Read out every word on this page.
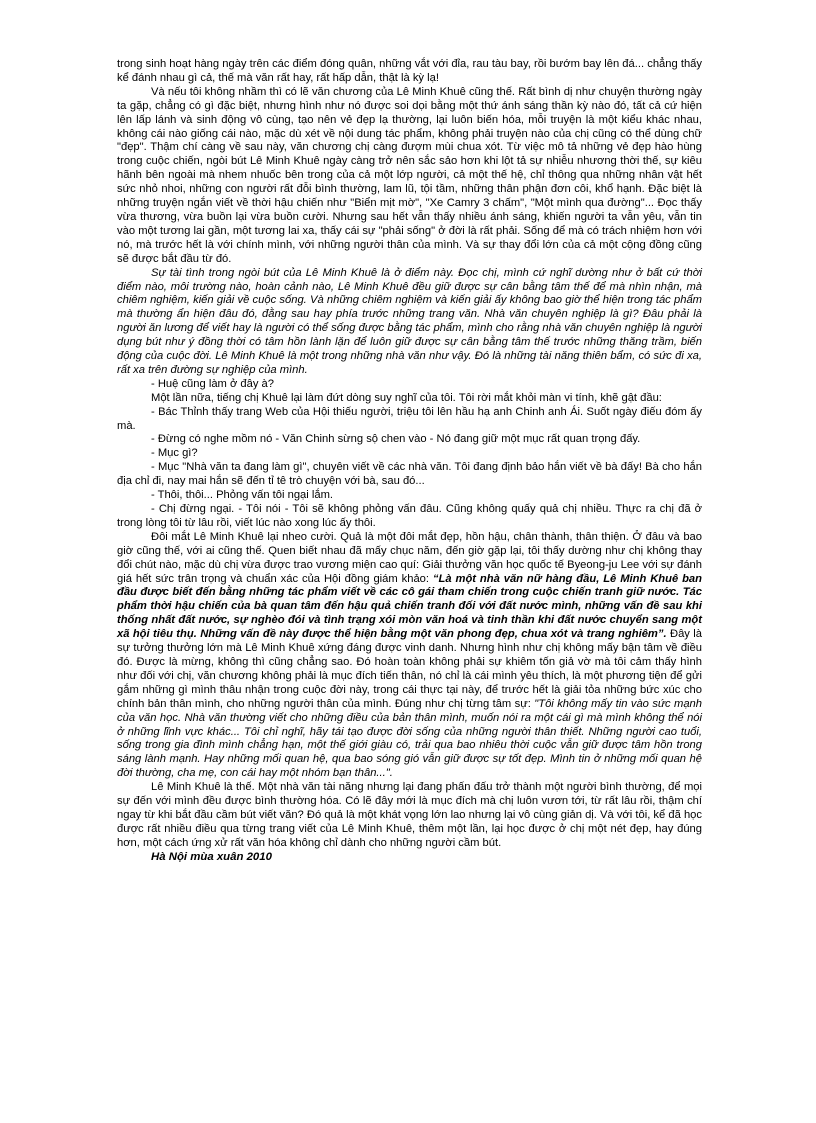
trong sinh hoạt hàng ngày trên các điểm đóng quân, những vắt với đỉa, rau tàu bay, rồi bướm bay lên đá... chẳng thấy kể đánh nhau gì cả, thế mà văn rất hay, rất hấp dẫn, thật là kỳ lạ!

Và nếu tôi không nhầm thì có lẽ văn chương của Lê Minh Khuê cũng thế. Rất bình dị như chuyện thường ngày ta gặp, chẳng có gì đặc biệt, nhưng hình như nó được soi dọi bằng một thứ ánh sáng thần kỳ nào đó, tất cả cứ hiện lên lấp lánh và sinh động vô cùng, tạo nên vẻ đẹp lạ thường, lại luôn biến hóa, mỗi truyện là một kiểu khác nhau, không cái nào giống cái nào, mặc dù xét về nội dung tác phẩm, không phải truyện nào của chị cũng có thể dùng chữ "đẹp". Thậm chí càng về sau này, văn chương chị càng đượm mùi chua xót. Từ việc mô tả những vẻ đẹp hào hùng trong cuộc chiến, ngòi bút Lê Minh Khuê ngày càng trở nên sắc sảo hơn khi lột tả sự nhiễu nhương thời thế, sự kiêu hãnh bên ngoài mà nhem nhuốc bên trong của cả một lớp người, cả một thế hệ, chỉ thông qua những nhân vật hết sức nhỏ nhoi, những con người rất đỗi bình thường, lam lũ, tội tầm, những thân phận đơn côi, khổ hạnh. Đặc biệt là những truyện ngắn viết về thời hậu chiến như "Biển mịt mờ", "Xe Camry 3 chấm", "Một mình qua đường"... Đọc thấy vừa thương, vừa buồn lại vừa buồn cười. Nhưng sau hết vẫn thấy nhiều ánh sáng, khiến người ta vẫn yêu, vẫn tin vào một tương lai gần, một tương lai xa, thấy cái sự "phải sống" ở đời là rất phải. Sống để mà có trách nhiệm hơn với nó, mà trước hết là với chính mình, với những người thân của mình. Và sự thay đổi lớn của cả một cộng đồng cũng sẽ được bắt đầu từ đó.

Sự tài tình trong ngòi bút của Lê Minh Khuê là ở điểm này. Đọc chị, mình cứ nghĩ dường như ở bất cứ thời điểm nào, môi trường nào, hoàn cảnh nào, Lê Minh Khuê đều giữ được sự cân bằng tâm thế để mà nhìn nhận, mà chiêm nghiệm, kiến giải về cuộc sống. Và những chiêm nghiệm và kiến giải ấy không bao giờ thể hiện trong tác phẩm mà thường ẩn hiện đâu đó, đằng sau hay phía trước những trang văn. Nhà văn chuyên nghiệp là gì? Đâu phải là người ăn lương để viết hay là người có thể sống được bằng tác phẩm, mình cho rằng nhà văn chuyên nghiệp là người dụng bút như ý đồng thời có tâm hồn lành lặn để luôn giữ được sự cân bằng tâm thế trước những thăng trầm, biến động của cuộc đời. Lê Minh Khuê là một trong những nhà văn như vậy. Đó là những tài năng thiên bẩm, có sức đi xa, rất xa trên đường sự nghiệp của mình.

- Huệ cũng làm ở đây à?

Một lần nữa, tiếng chị Khuê lại làm đứt dòng suy nghĩ của tôi. Tôi rời mắt khỏi màn vi tính, khẽ gật đầu:

- Bác Thỉnh thấy trang Web của Hội thiếu người, triệu tôi lên hầu hạ anh Chinh anh Ái. Suốt ngày điếu đóm ấy mà.

- Đừng có nghe mồm nó - Văn Chinh sừng sộ chen vào - Nó đang giữ một mục rất quan trọng đấy.

- Mục gì?

- Mục "Nhà văn ta đang làm gì", chuyên viết về các nhà văn. Tôi đang định bảo hắn viết về bà đấy! Bà cho hắn địa chỉ đi, nay mai hắn sẽ đến tỉ tê trò chuyện với bà, sau đó...

- Thôi, thôi... Phỏng vấn tôi ngại lắm.

- Chị đừng ngại. - Tôi nói - Tôi sẽ không phỏng vấn đâu. Cũng không quấy quả chị nhiều. Thực ra chị đã ở trong lòng tôi từ lâu rồi, viết lúc nào xong lúc ấy thôi.

Đôi mắt Lê Minh Khuê lại nheo cười. Quả là một đôi mắt đẹp, hồn hậu, chân thành, thân thiện. Ở đâu và bao giờ cũng thế, với ai cũng thế. Quen biết nhau đã mấy chục năm, đến giờ gặp lại, tôi thấy dường như chị không thay đổi chút nào, mặc dù chị vừa được trao vương miện cao quí: Giải thưởng văn học quốc tế Byeong-ju Lee với sự đánh giá hết sức trân trọng và chuẩn xác của Hội đồng giám khảo: “Là một nhà văn nữ hàng đầu, Lê Minh Khuê ban đầu được biết đến bằng những tác phẩm viết về các cô gái tham chiến trong cuộc chiến tranh giữ nước. Tác phẩm thời hậu chiến của bà quan tâm đến hậu quả chiến tranh đối với đất nước mình, những vấn đề sau khi thống nhất đất nước, sự nghèo đói và tình trạng xói mòn văn hoá và tinh thần khi đất nước chuyển sang một xã hội tiêu thụ. Những vấn đề này được thể hiện bằng một văn phong đẹp, chua xót và trang nghiêm”. Đây là sự tưởng thưởng lớn mà Lê Minh Khuê xứng đáng được vinh danh. Nhưng hình như chị không mấy bận tâm về điều đó. Được là mừng, không thì cũng chẳng sao. Đó hoàn toàn không phải sự khiêm tốn giả vờ mà tôi cảm thấy hình như đối với chị, văn chương không phải là mục đích tiến thân, nó chỉ là cái mình yêu thích, là một phương tiện để gửi gắm những gì mình thâu nhận trong cuộc đời này, trong cái thực tại này, để trước hết là giải tỏa những bức xúc cho chính bản thân mình, cho những người thân của mình. Đúng như chị từng tâm sự: "Tôi không mấy tin vào sức mạnh của văn học. Nhà văn thường viết cho những điều của bản thân mình, muốn nói ra một cái gì mà mình không thể nói ở những lĩnh vực khác... Tôi chỉ nghĩ, hãy tái tạo được đời sống của những người thân thiết. Những người cao tuổi, sống trong gia đình mình chẳng hạn, một thế giới giàu có, trải qua bao nhiêu thời cuộc vẫn giữ được tâm hồn trong sáng lành mạnh. Hay những mối quan hệ, qua bao sóng gió vẫn giữ được sự tốt đẹp. Mình tin ở những mối quan hệ đời thường, cha mẹ, con cái hay một nhóm bạn thân...".

Lê Minh Khuê là thế. Một nhà văn tài năng nhưng lại đang phấn đấu trở thành một người bình thường, để mọi sự đến với mình đều được bình thường hóa. Có lẽ đây mới là mục đích mà chị luôn vươn tới, từ rất lâu rồi, thậm chí ngay từ khi bắt đầu cầm bút viết văn? Đó quả là một khát vọng lớn lao nhưng lại vô cùng giản dị. Và với tôi, kể đã học được rất nhiều điều qua từng trang viết của Lê Minh Khuê, thêm một lần, lại học được ở chị một nét đẹp, hay đúng hơn, một cách ứng xử rất văn hóa không chỉ dành cho những người cầm bút.

Hà Nội mùa xuân 2010
